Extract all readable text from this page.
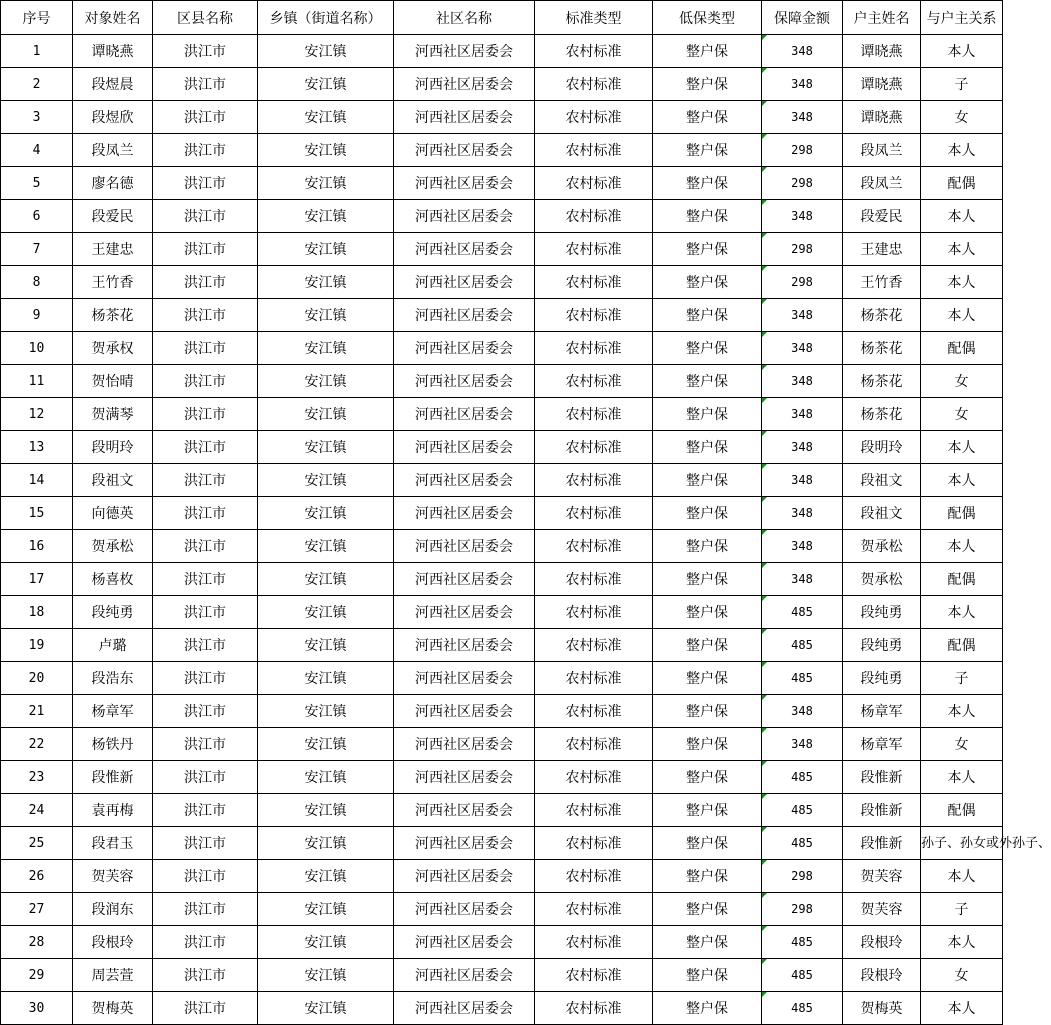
序号	对象姓名	区县名称	乡镇（街道名称）	社区名称	标准类型	低保类型	保障金额	户主姓名	与户主关系
1	谭晓燕	洪江市	安江镇	河西社区居委会	农村标准	整户保	348	谭晓燕	本人
2	段煜晨	洪江市	安江镇	河西社区居委会	农村标准	整户保	348	谭晓燕	子
3	段煜欣	洪江市	安江镇	河西社区居委会	农村标准	整户保	348	谭晓燕	女
4	段凤兰	洪江市	安江镇	河西社区居委会	农村标准	整户保	298	段凤兰	本人
5	廖名德	洪江市	安江镇	河西社区居委会	农村标准	整户保	298	段凤兰	配偶
6	段爱民	洪江市	安江镇	河西社区居委会	农村标准	整户保	348	段爱民	本人
7	王建忠	洪江市	安江镇	河西社区居委会	农村标准	整户保	298	王建忠	本人
8	王竹香	洪江市	安江镇	河西社区居委会	农村标准	整户保	298	王竹香	本人
9	杨茶花	洪江市	安江镇	河西社区居委会	农村标准	整户保	348	杨茶花	本人
10	贺承权	洪江市	安江镇	河西社区居委会	农村标准	整户保	348	杨茶花	配偶
11	贺怡晴	洪江市	安江镇	河西社区居委会	农村标准	整户保	348	杨茶花	女
12	贺满琴	洪江市	安江镇	河西社区居委会	农村标准	整户保	348	杨茶花	女
13	段明玲	洪江市	安江镇	河西社区居委会	农村标准	整户保	348	段明玲	本人
14	段祖文	洪江市	安江镇	河西社区居委会	农村标准	整户保	348	段祖文	本人
15	向德英	洪江市	安江镇	河西社区居委会	农村标准	整户保	348	段祖文	配偶
16	贺承松	洪江市	安江镇	河西社区居委会	农村标准	整户保	348	贺承松	本人
17	杨喜枚	洪江市	安江镇	河西社区居委会	农村标准	整户保	348	贺承松	配偶
18	段纯勇	洪江市	安江镇	河西社区居委会	农村标准	整户保	485	段纯勇	本人
19	卢璐	洪江市	安江镇	河西社区居委会	农村标准	整户保	485	段纯勇	配偶
20	段浩东	洪江市	安江镇	河西社区居委会	农村标准	整户保	485	段纯勇	子
21	杨章军	洪江市	安江镇	河西社区居委会	农村标准	整户保	348	杨章军	本人
22	杨铁丹	洪江市	安江镇	河西社区居委会	农村标准	整户保	348	杨章军	女
23	段惟新	洪江市	安江镇	河西社区居委会	农村标准	整户保	485	段惟新	本人
24	袁再梅	洪江市	安江镇	河西社区居委会	农村标准	整户保	485	段惟新	配偶
25	段君玉	洪江市	安江镇	河西社区居委会	农村标准	整户保	485	段惟新	孙子、孙女或外孙子、
26	贺芙容	洪江市	安江镇	河西社区居委会	农村标准	整户保	298	贺芙容	本人
27	段润东	洪江市	安江镇	河西社区居委会	农村标准	整户保	298	贺芙容	子
28	段根玲	洪江市	安江镇	河西社区居委会	农村标准	整户保	485	段根玲	本人
29	周芸萱	洪江市	安江镇	河西社区居委会	农村标准	整户保	485	段根玲	女
30	贺梅英	洪江市	安江镇	河西社区居委会	农村标准	整户保	485	贺梅英	本人
